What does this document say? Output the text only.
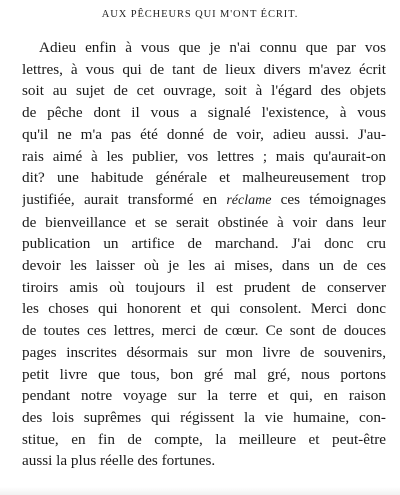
AUX PÊCHEURS QUI M'ONT ÉCRIT.
Adieu enfin à vous que je n'ai connu que par vos
lettres, à vous qui de tant de lieux divers m'avez écrit
soit au sujet de cet ouvrage, soit à l'égard des objets
de pêche dont il vous a signalé l'existence, à vous
qu'il ne m'a pas été donné de voir, adieu aussi. J'au-
rais aimé à les publier, vos lettres ; mais qu'aurait-on
dit? une habitude générale et malheureusement trop
justifiée, aurait transformé en réclame ces témoignages
de bienveillance et se serait obstinée à voir dans leur
publication un artifice de marchand. J'ai donc cru
devoir les laisser où je les ai mises, dans un de ces
tiroirs amis où toujours il est prudent de conserver
les choses qui honorent et qui consolent. Merci donc
de toutes ces lettres, merci de cœur. Ce sont de douces
pages inscrites désormais sur mon livre de souvenirs,
petit livre que tous, bon gré mal gré, nous portons
pendant notre voyage sur la terre et qui, en raison
des lois suprêmes qui régissent la vie humaine, con-
stitue, en fin de compte, la meilleure et peut-être
aussi la plus réelle des fortunes.
